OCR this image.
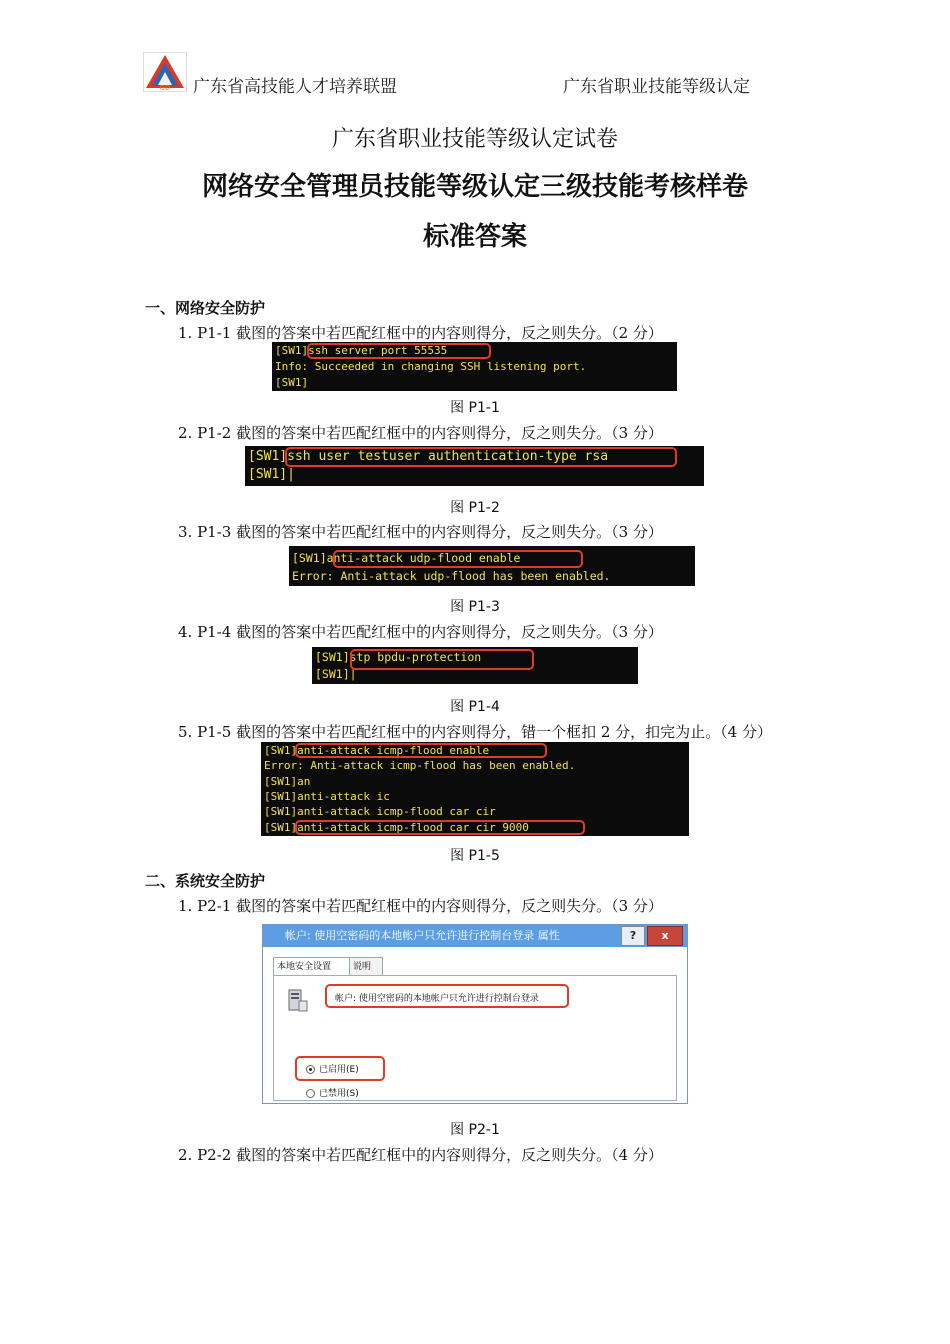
GD 广东省高技能人才培养联盟	广东省职业技能等级认定
广东省职业技能等级认定试卷
网络安全管理员技能等级认定三级技能考核样卷
标准答案
一、网络安全防护
1. P1-1 截图的答案中若匹配红框中的内容则得分，反之则失分。（2 分）
[SW1]ssh server port 55535
Info: Succeeded in changing SSH listening port.
[SW1]
图 P1-1
2. P1-2 截图的答案中若匹配红框中的内容则得分，反之则失分。（3 分）
[SW1]ssh user testuser authentication-type rsa
[SW1]|
图 P1-2
3. P1-3 截图的答案中若匹配红框中的内容则得分，反之则失分。（3 分）
[SW1]anti-attack udp-flood enable
Error: Anti-attack udp-flood has been enabled.
图 P1-3
4. P1-4 截图的答案中若匹配红框中的内容则得分，反之则失分。（3 分）
[SW1]stp bpdu-protection
[SW1]|
图 P1-4
5. P1-5 截图的答案中若匹配红框中的内容则得分，错一个框扣 2 分，扣完为止。（4 分）
[SW1]anti-attack icmp-flood enable
Error: Anti-attack icmp-flood has been enabled.
[SW1]an
[SW1]anti-attack ic
[SW1]anti-attack icmp-flood car cir
[SW1]anti-attack icmp-flood car cir 9000
图 P1-5
二、系统安全防护
1. P2-1 截图的答案中若匹配红框中的内容则得分，反之则失分。（3 分）
帐户: 使用空密码的本地帐户只允许进行控制台登录 属性	?	x
本地安全设置	说明
帐户: 使用空密码的本地帐户只允许进行控制台登录
已启用(E)
已禁用(S)
图 P2-1
2. P2-2 截图的答案中若匹配红框中的内容则得分，反之则失分。（4 分）
